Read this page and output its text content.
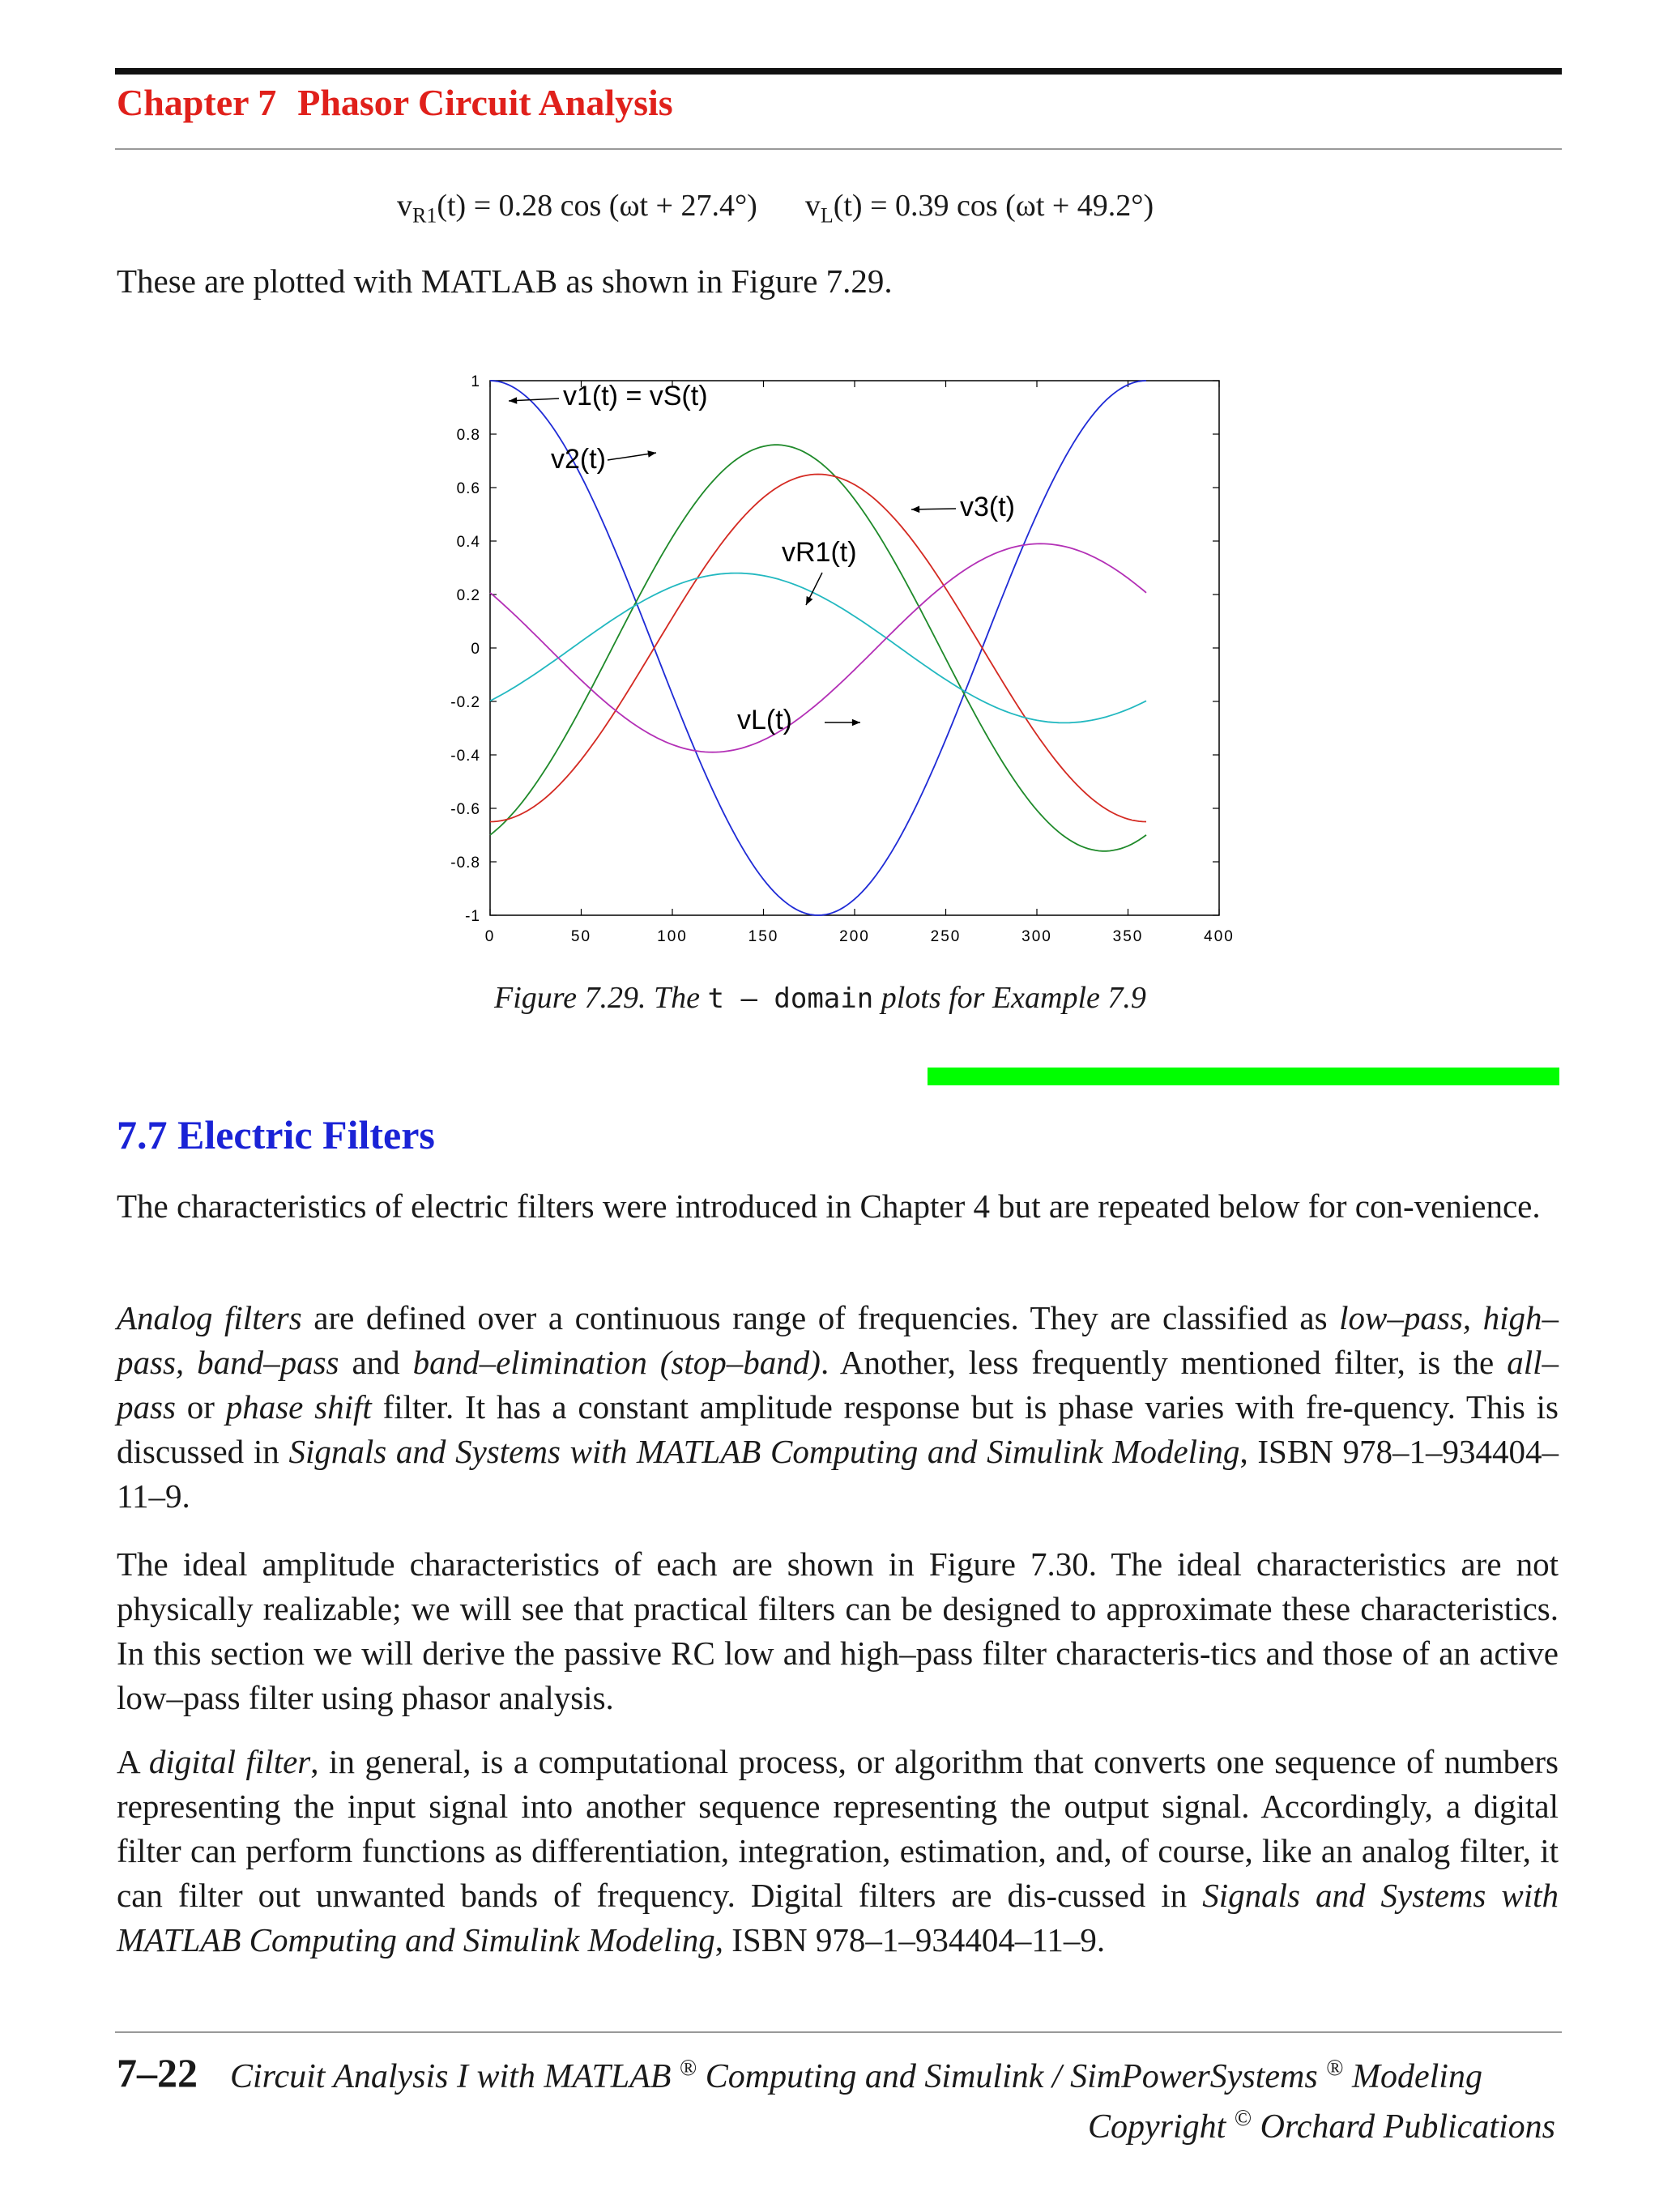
Chapter 7 Phasor Circuit Analysis
$v_{R1}(t) = 0.28$ cos (ωt + 27.4°) $v_L(t) = 0.39$ cos (ωt + 49.2°)
These are plotted with MATLAB as shown in Figure 7.29.
0	50	100	150	200	250	300	350	400
1
0.8
0.6
0.4
0.2
0
-0.2
-0.4
-0.6
-0.8
-1
v1(t) = vS(t)
v2(t)
v3(t)
vR1(t)
vL(t)
Figure 7.29. The t – domain plots for Example 7.9
7.7 Electric Filters
The characteristics of electric filters were introduced in Chapter 4 but are repeated below for con-venience.
Analog filters are defined over a continuous range of frequencies. They are classified as low–pass, high–pass, band–pass and band–elimination (stop–band). Another, less frequently mentioned filter, is the all–pass or phase shift filter. It has a constant amplitude response but is phase varies with fre-quency. This is discussed in Signals and Systems with MATLAB Computing and Simulink Modeling, ISBN 978–1–934404–11–9.
The ideal amplitude characteristics of each are shown in Figure 7.30. The ideal characteristics are not physically realizable; we will see that practical filters can be designed to approximate these characteristics. In this section we will derive the passive RC low and high–pass filter characteris-tics and those of an active low–pass filter using phasor analysis.
A digital filter, in general, is a computational process, or algorithm that converts one sequence of numbers representing the input signal into another sequence representing the output signal. Accordingly, a digital filter can perform functions as differentiation, integration, estimation, and, of course, like an analog filter, it can filter out unwanted bands of frequency. Digital filters are dis-cussed in Signals and Systems with MATLAB Computing and Simulink Modeling, ISBN 978–1–934404–11–9.
7–22 Circuit Analysis I with MATLAB ® Computing and Simulink / SimPowerSystems ® Modeling
Copyright © Orchard Publications
